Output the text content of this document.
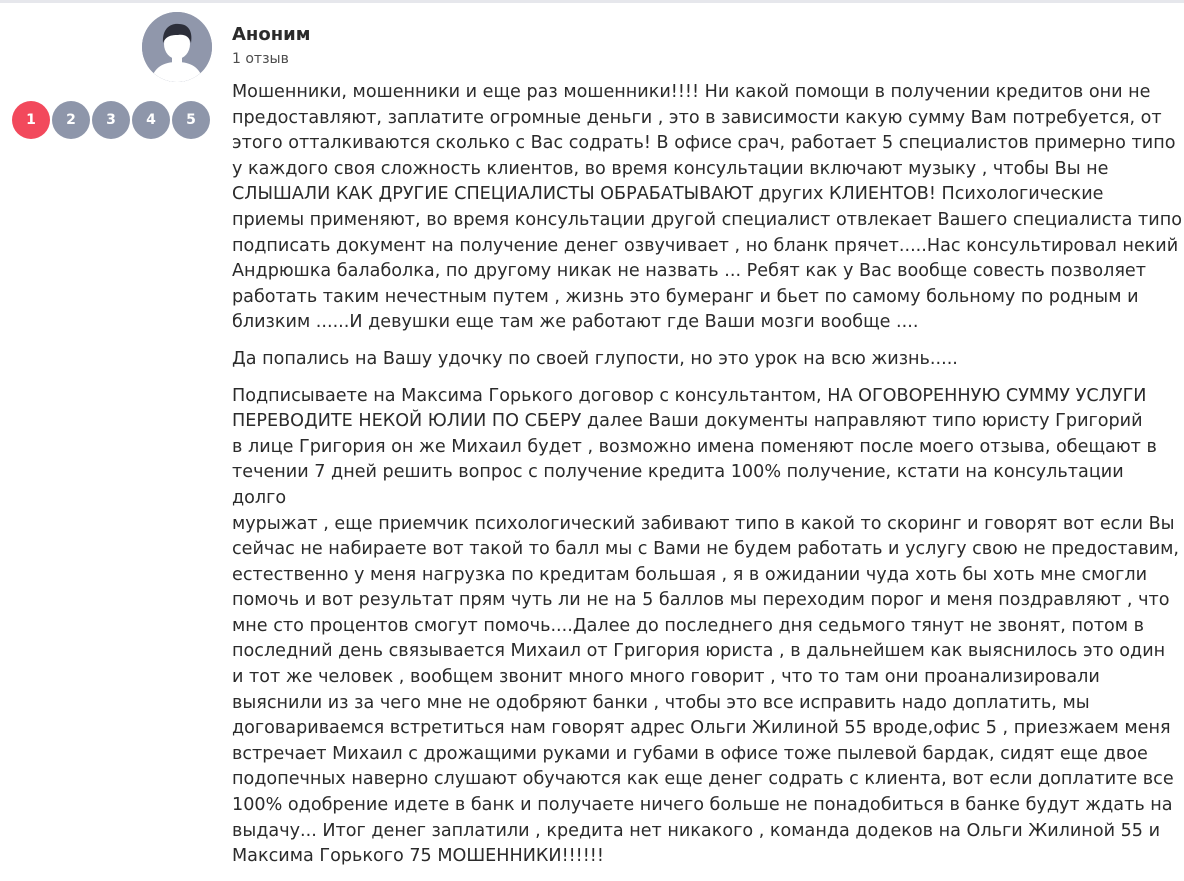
Аноним
1 отзыв
1	2	3	4	5

Мошенники, мошенники и еще раз мошенники!!!! Ни какой помощи в получении кредитов они не
предоставляют, заплатите огромные деньги , это в зависимости какую сумму Вам потребуется, от
этого отталкиваются сколько с Вас содрать! В офисе срач, работает 5 специалистов примерно типо
у каждого своя сложность клиентов, во время консультации включают музыку , чтобы Вы не
СЛЫШАЛИ КАК ДРУГИЕ СПЕЦИАЛИСТЫ ОБРАБАТЫВАЮТ других КЛИЕНТОВ! Психологические
приемы применяют, во время консультации другой специалист отвлекает Вашего специалиста типо
подписать документ на получение денег озвучивает , но бланк прячет.....Нас консультировал некий
Андрюшка балаболка, по другому никак не назвать ... Ребят как у Вас вообще совесть позволяет
работать таким нечестным путем , жизнь это бумеранг и бьет по самому больному по родным и
близким ......И девушки еще там же работают где Ваши мозги вообще ....

Да попались на Вашу удочку по своей глупости, но это урок на всю жизнь.....

Подписываете на Максима Горького договор с консультантом, НА ОГОВОРЕННУЮ СУММУ УСЛУГИ
ПЕРЕВОДИТЕ НЕКОЙ ЮЛИИ ПО СБЕРУ далее Ваши документы направляют типо юристу Григорий
в лице Григория он же Михаил будет , возможно имена поменяют после моего отзыва, обещают в
течении 7 дней решить вопрос с получение кредита 100% получение, кстати на консультации долго
мурыжат , еще приемчик психологический забивают типо в какой то скоринг и говорят вот если Вы
сейчас не набираете вот такой то балл мы с Вами не будем работать и услугу свою не предоставим,
естественно у меня нагрузка по кредитам большая , я в ожидании чуда хоть бы хоть мне смогли
помочь и вот результат прям чуть ли не на 5 баллов мы переходим порог и меня поздравляют , что
мне сто процентов смогут помочь....Далее до последнего дня седьмого тянут не звонят, потом в
последний день связывается Михаил от Григория юриста , в дальнейшем как выяснилось это один
и тот же человек , вообщем звонит много много говорит , что то там они проанализировали
выяснили из за чего мне не одобряют банки , чтобы это все исправить надо доплатить, мы
договариваемся встретиться нам говорят адрес Ольги Жилиной 55 вроде,офис 5 , приезжаем меня
встречает Михаил с дрожащими руками и губами в офисе тоже пылевой бардак, сидят еще двое
подопечных наверно слушают обучаются как еще денег содрать с клиента, вот если доплатите все
100% одобрение идете в банк и получаете ничего больше не понадобиться в банке будут ждать на
выдачу... Итог денег заплатили , кредита нет никакого , команда додеков на Ольги Жилиной 55 и
Максима Горького 75 МОШЕННИКИ!!!!!!
